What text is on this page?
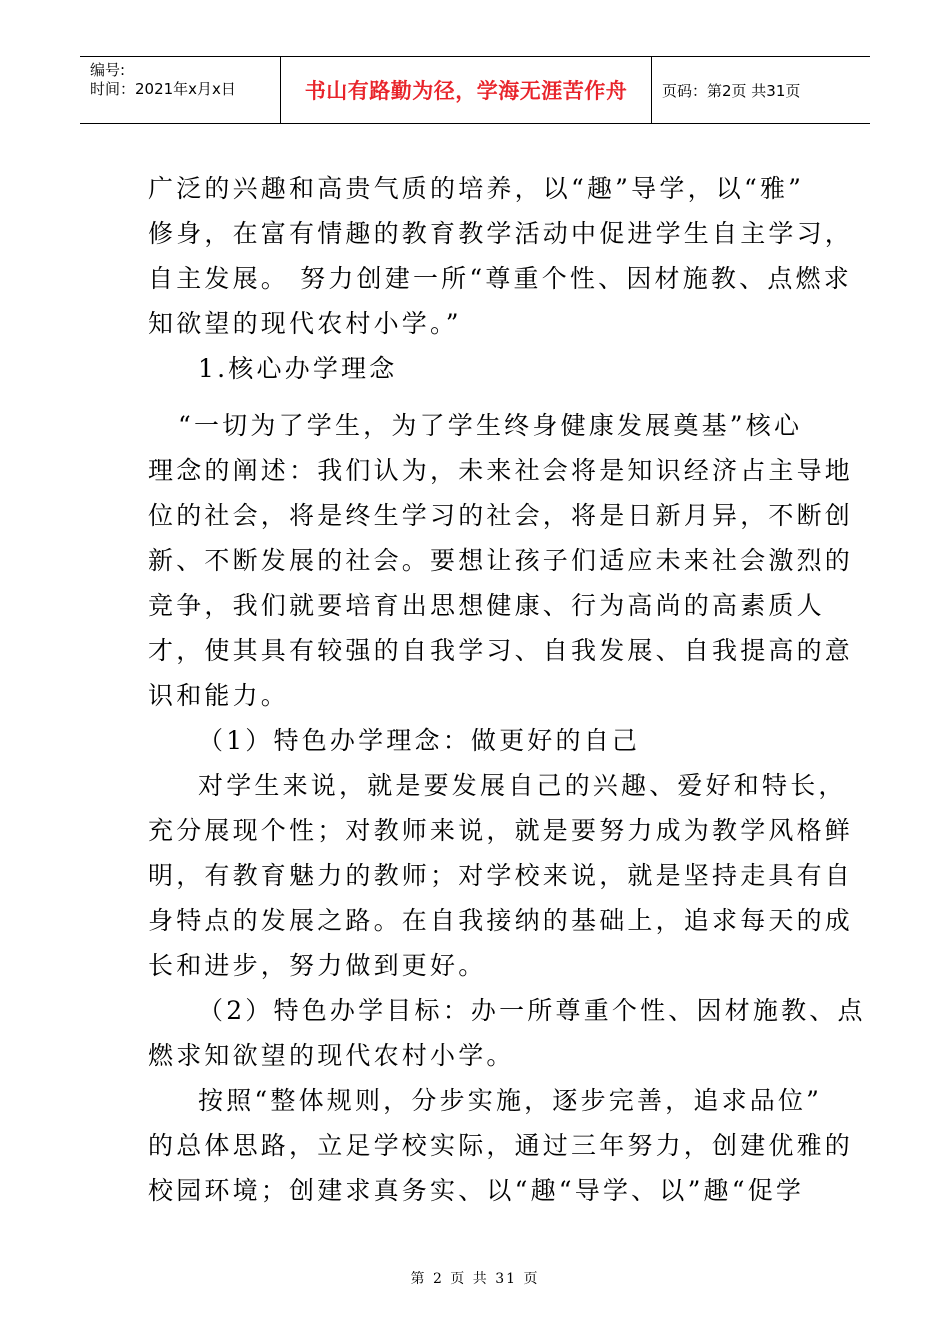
编号:
时间：2021年x月x日	书山有路勤为径，学海无涯苦作舟 页码：第2页 共31页

广泛的兴趣和高贵气质的培养，以“趣”导学，以“雅”

修身，在富有情趣的教育教学活动中促进学生自主学习，

自主发展。 努力创建一所“尊重个性、因材施教、点燃求

知欲望的现代农村小学。”

1.核心办学理念

“一切为了学生，为了学生终身健康发展奠基”核心

理念的阐述：我们认为，未来社会将是知识经济占主导地

位的社会，将是终生学习的社会，将是日新月异，不断创

新、不断发展的社会。要想让孩子们适应未来社会激烈的

竞争，我们就要培育出思想健康、行为高尚的高素质人

才，使其具有较强的自我学习、自我发展、自我提高的意

识和能力。

（1）特色办学理念：做更好的自己

对学生来说，就是要发展自己的兴趣、爱好和特长，

充分展现个性；对教师来说，就是要努力成为教学风格鲜

明，有教育魅力的教师；对学校来说，就是坚持走具有自

身特点的发展之路。在自我接纳的基础上，追求每天的成

长和进步，努力做到更好。

（2）特色办学目标：办一所尊重个性、因材施教、点

燃求知欲望的现代农村小学。

按照“整体规则，分步实施，逐步完善，追求品位”

的总体思路，立足学校实际，通过三年努力，创建优雅的

校园环境；创建求真务实、以“趣“导学、以”趣“促学

第 2 页 共 31 页
